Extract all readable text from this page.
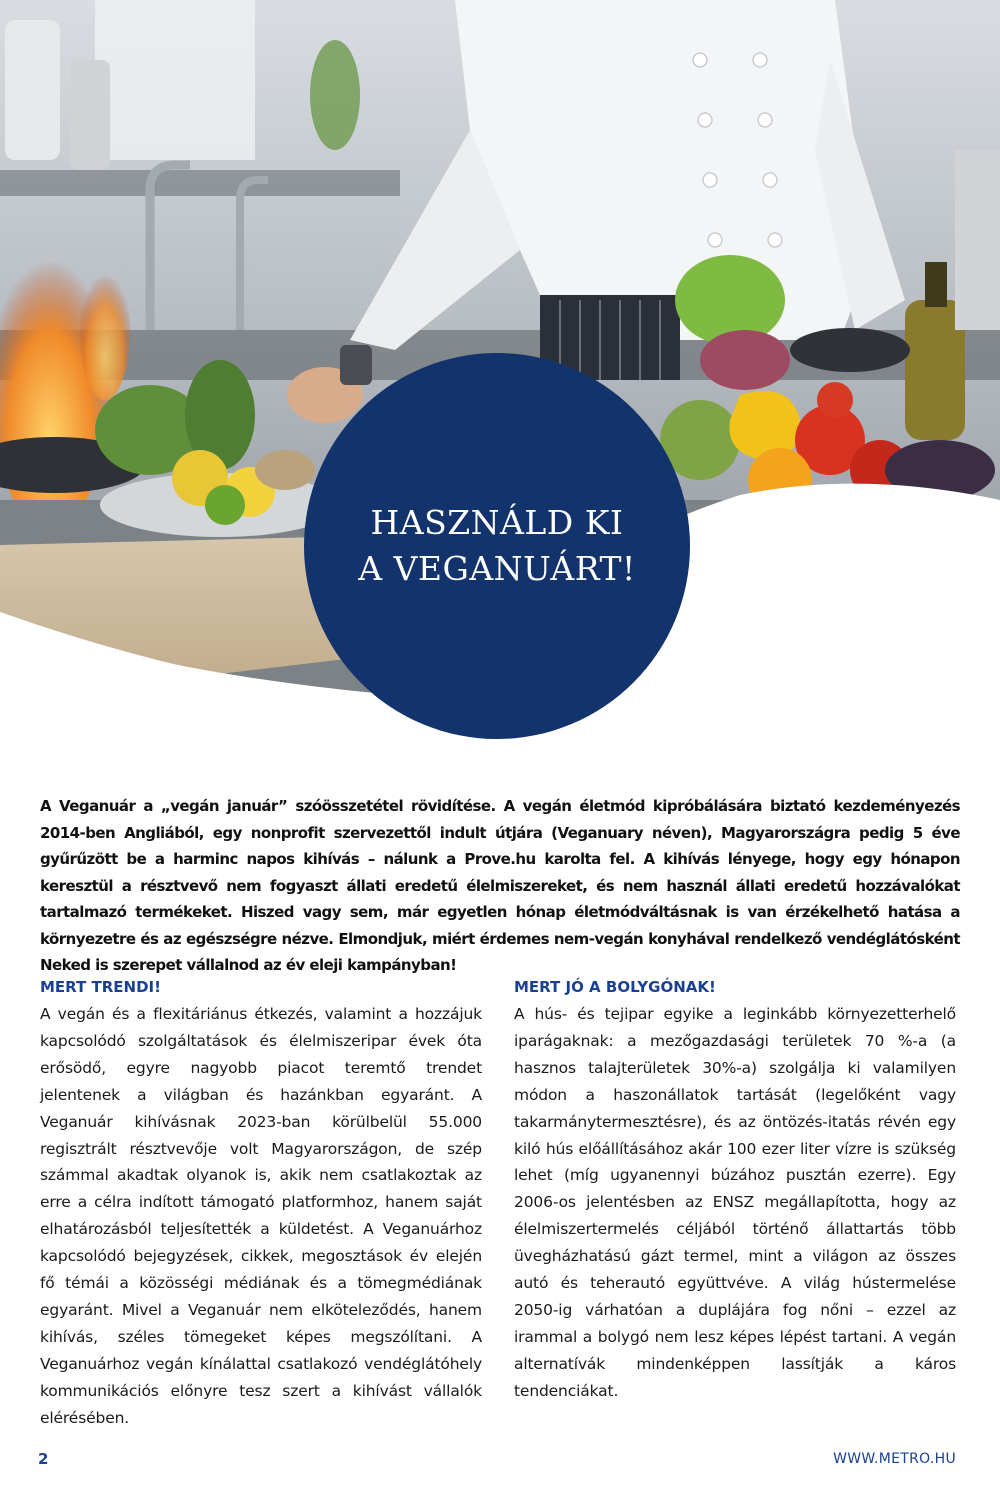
HASZNÁLD KI
A VEGANUÁRT!

A Veganuár a „vegán január” szóösszetétel rövidítése. A vegán életmód kipróbálására biztató kezdeményezés 2014-ben Angliából, egy nonprofit szervezettől indult útjára (Veganuary néven), Magyarországra pedig 5 éve gyűrűzött be a harminc napos kihívás – nálunk a Prove.hu karolta fel. A kihívás lényege, hogy egy hónapon keresztül a résztvevő nem fogyaszt állati eredetű élelmiszereket, és nem használ állati eredetű hozzávalókat tartalmazó termékeket. Hiszed vagy sem, már egyetlen hónap életmódváltásnak is van érzékelhető hatása a környezetre és az egészségre nézve. Elmondjuk, miért érdemes nem-vegán konyhával rendelkező vendéglátósként Neked is szerepet vállalnod az év eleji kampányban!

MERT TRENDI!

A vegán és a flexitáriánus étkezés, valamint a hozzájuk kapcsolódó szolgáltatások és élelmiszeripar évek óta erősödő, egyre nagyobb piacot teremtő trendet jelentenek a világban és hazánkban egyaránt. A Veganuár kihívásnak 2023-ban körülbelül 55.000 regisztrált résztvevője volt Magyarországon, de szép számmal akadtak olyanok is, akik nem csatlakoztak az erre a célra indított támogató platformhoz, hanem saját elhatározásból teljesítették a küldetést. A Veganuárhoz kapcsolódó bejegyzések, cikkek, megosztások év elején fő témái a közösségi médiának és a tömegmédiának egyaránt. Mivel a Veganuár nem elköteleződés, hanem kihívás, széles tömegeket képes megszólítani. A Veganuárhoz vegán kínálattal csatlakozó vendéglátóhely kommunikációs előnyre tesz szert a kihívást vállalók elérésében.

MERT JÓ A BOLYGÓNAK!

A hús- és tejipar egyike a leginkább környezetterhelő iparágaknak: a mezőgazdasági területek 70 %-a (a hasznos talajterületek 30%-a) szolgálja ki valamilyen módon a haszonállatok tartását (legelőként vagy takarmánytermesztésre), és az öntözés-itatás révén egy kiló hús előállításához akár 100 ezer liter vízre is szükség lehet (míg ugyanennyi búzához pusztán ezerre). Egy 2006-os jelentésben az ENSZ megállapította, hogy az élelmiszertermelés céljából történő állattartás több üvegházhatású gázt termel, mint a világon az összes autó és teherautó együttvéve. A világ hústermelése 2050-ig várhatóan a duplájára fog nőni – ezzel az irammal a bolygó nem lesz képes lépést tartani. A vegán alternatívák mindenképpen lassítják a káros tendenciákat.

2	WWW.METRO.HU
